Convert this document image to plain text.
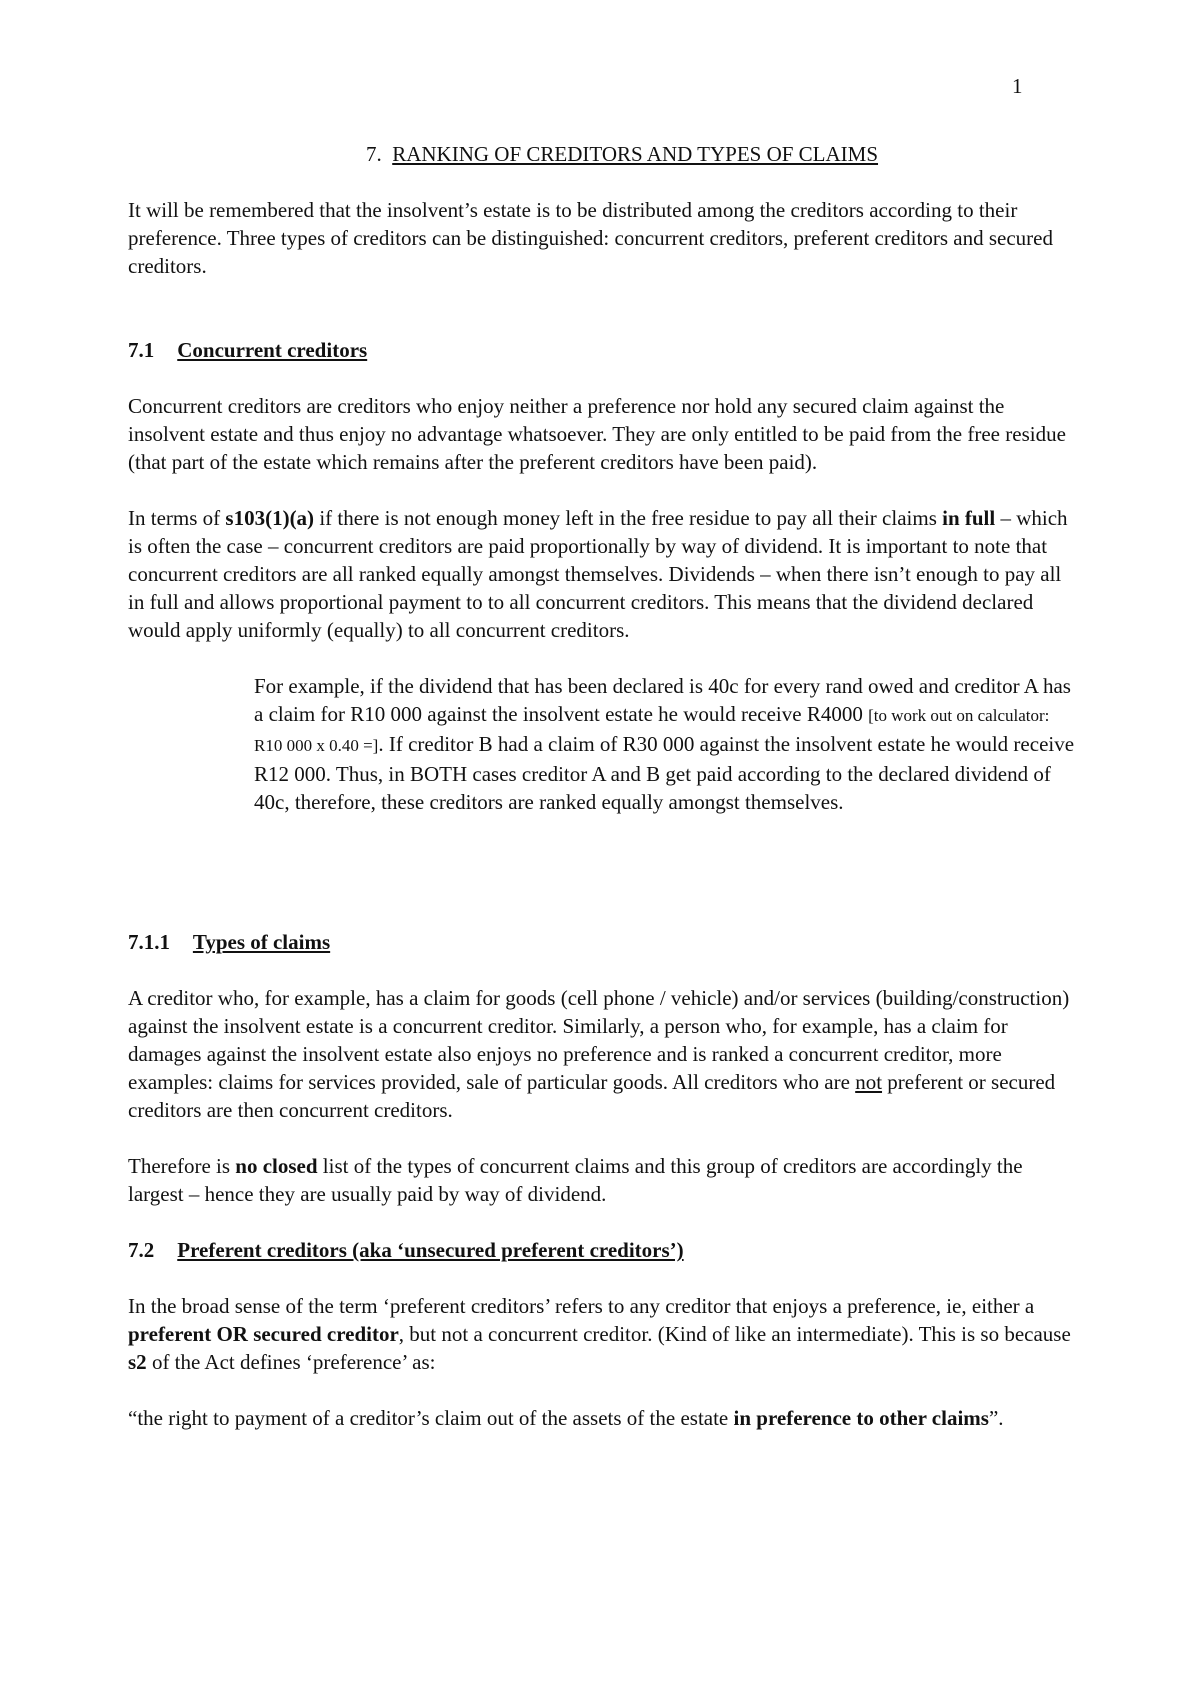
1

7. RANKING OF CREDITORS AND TYPES OF CLAIMS

It will be remembered that the insolvent’s estate is to be distributed among the creditors according to their preference. Three types of creditors can be distinguished: concurrent creditors, preferent creditors and secured creditors.

7.1 Concurrent creditors

Concurrent creditors are creditors who enjoy neither a preference nor hold any secured claim against the insolvent estate and thus enjoy no advantage whatsoever. They are only entitled to be paid from the free residue (that part of the estate which remains after the preferent creditors have been paid).

In terms of s103(1)(a) if there is not enough money left in the free residue to pay all their claims in full – which is often the case – concurrent creditors are paid proportionally by way of dividend. It is important to note that concurrent creditors are all ranked equally amongst themselves. Dividends – when there isn’t enough to pay all in full and allows proportional payment to to all concurrent creditors. This means that the dividend declared would apply uniformly (equally) to all concurrent creditors.

For example, if the dividend that has been declared is 40c for every rand owed and creditor A has a claim for R10 000 against the insolvent estate he would receive R4000 [to work out on calculator: R10 000 x 0.40 =]. If creditor B had a claim of R30 000 against the insolvent estate he would receive R12 000. Thus, in BOTH cases creditor A and B get paid according to the declared dividend of 40c, therefore, these creditors are ranked equally amongst themselves.

7.1.1 Types of claims

A creditor who, for example, has a claim for goods (cell phone / vehicle) and/or services (building/construction) against the insolvent estate is a concurrent creditor. Similarly, a person who, for example, has a claim for damages against the insolvent estate also enjoys no preference and is ranked a concurrent creditor, more examples: claims for services provided, sale of particular goods. All creditors who are not preferent or secured creditors are then concurrent creditors.

Therefore is no closed list of the types of concurrent claims and this group of creditors are accordingly the largest – hence they are usually paid by way of dividend.

7.2 Preferent creditors (aka ‘unsecured preferent creditors’)

In the broad sense of the term ‘preferent creditors’ refers to any creditor that enjoys a preference, ie, either a preferent OR secured creditor, but not a concurrent creditor. (Kind of like an intermediate). This is so because s2 of the Act defines ‘preference’ as:

“the right to payment of a creditor’s claim out of the assets of the estate in preference to other claims”.
